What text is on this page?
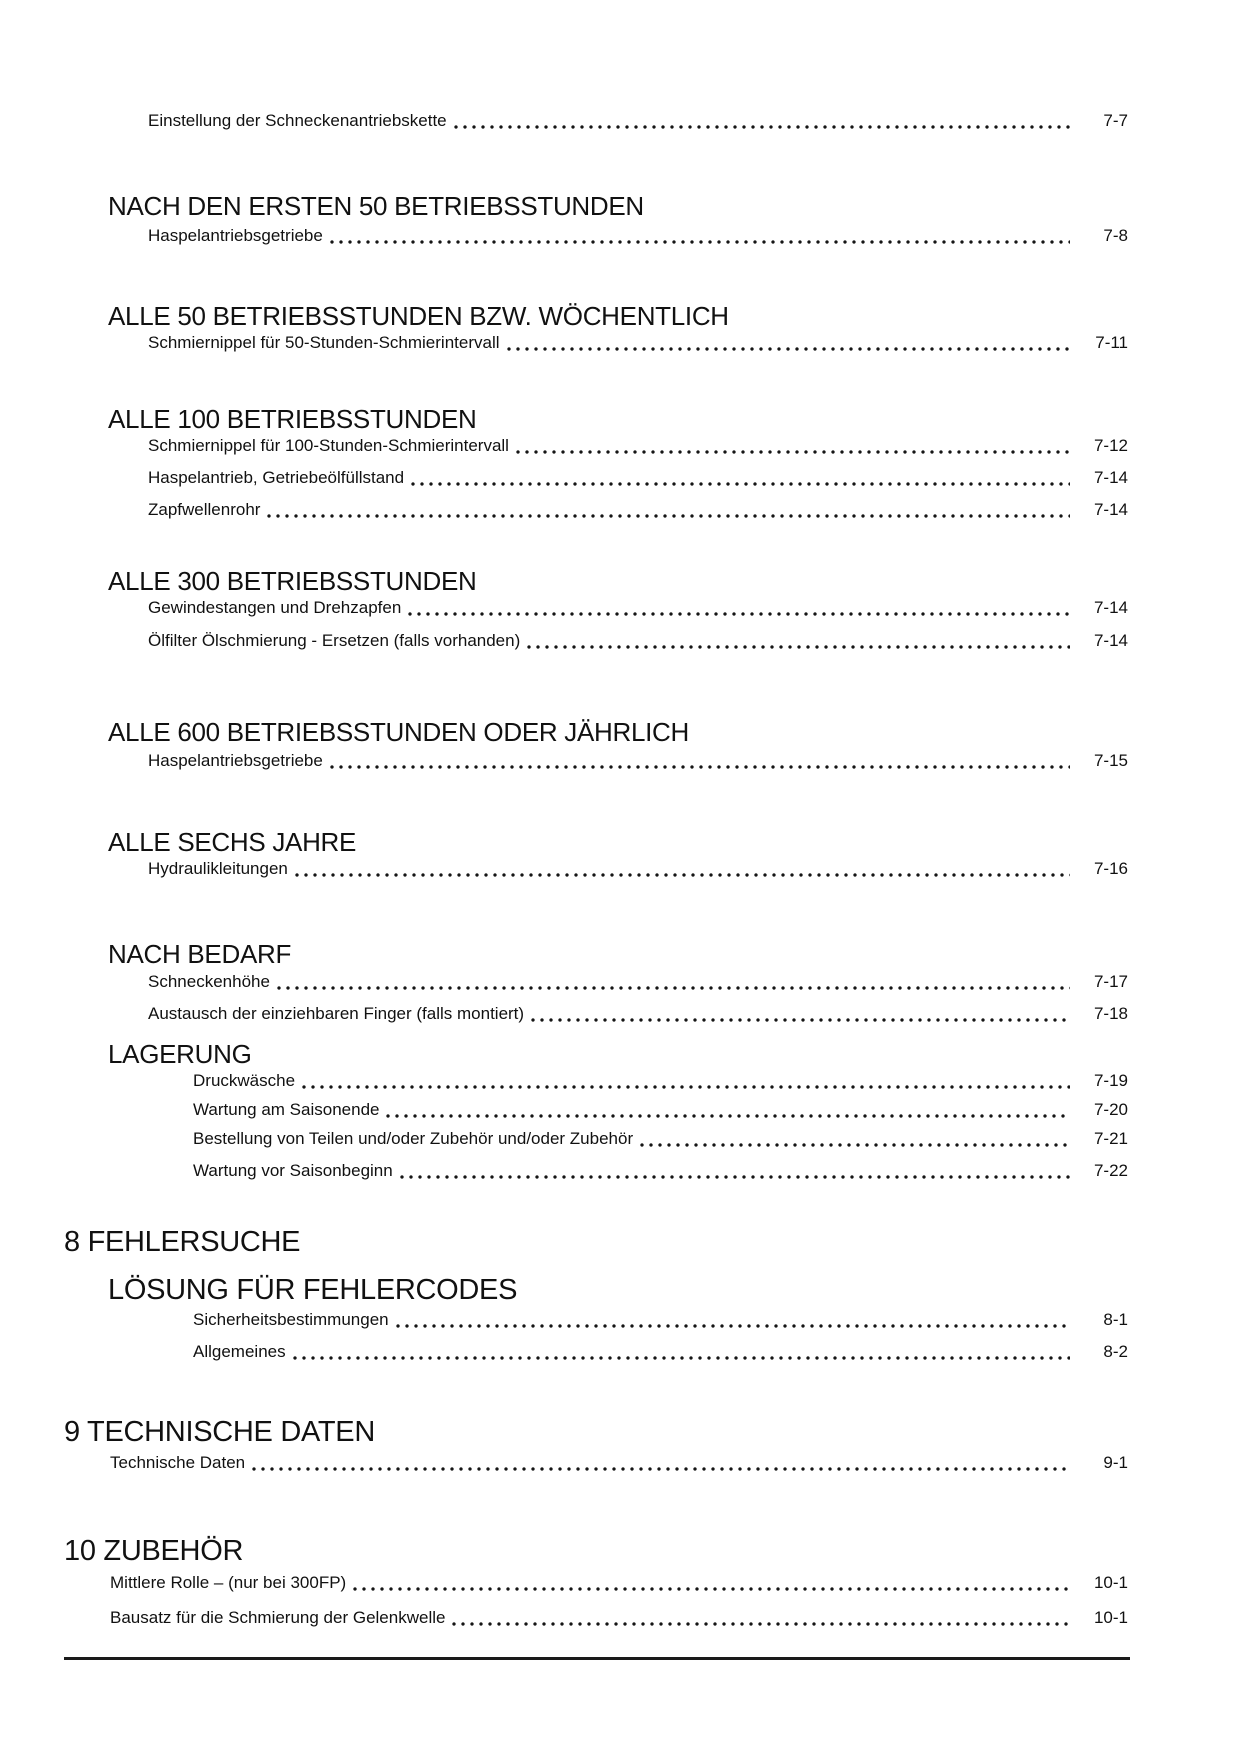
Einstellung der Schneckenantriebskette	7-7
NACH DEN ERSTEN 50 BETRIEBSSTUNDEN
Haspelantriebsgetriebe	7-8
ALLE 50 BETRIEBSSTUNDEN BZW. WÖCHENTLICH
Schmiernippel für 50-Stunden-Schmierintervall	7-11
ALLE 100 BETRIEBSSTUNDEN
Schmiernippel für 100-Stunden-Schmierintervall	7-12
Haspelantrieb, Getriebeölfüllstand	7-14
Zapfwellenrohr	7-14
ALLE 300 BETRIEBSSTUNDEN
Gewindestangen und Drehzapfen	7-14
Ölfilter Ölschmierung - Ersetzen (falls vorhanden)	7-14
ALLE 600 BETRIEBSSTUNDEN ODER JÄHRLICH
Haspelantriebsgetriebe	7-15
ALLE SECHS JAHRE
Hydraulikleitungen	7-16
NACH BEDARF
Schneckenhöhe	7-17
Austausch der einziehbaren Finger (falls montiert)	7-18
LAGERUNG
Druckwäsche	7-19
Wartung am Saisonende	7-20
Bestellung von Teilen und/oder Zubehör und/oder Zubehör	7-21
Wartung vor Saisonbeginn	7-22
8 FEHLERSUCHE
LÖSUNG FÜR FEHLERCODES
Sicherheitsbestimmungen	8-1
Allgemeines	8-2
9 TECHNISCHE DATEN
Technische Daten	9-1
10 ZUBEHÖR
Mittlere Rolle – (nur bei 300FP)	10-1
Bausatz für die Schmierung der Gelenkwelle	10-1
